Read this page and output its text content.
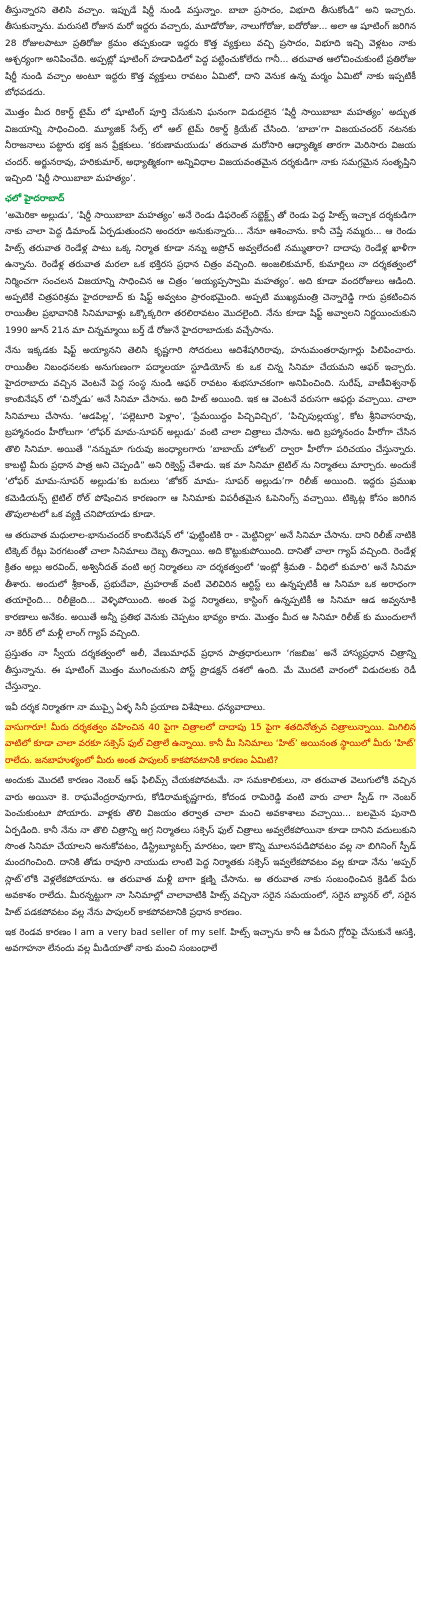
తీస్తున్నారని తెలిసి వచ్చాం. ఇప్పుడే షిర్డీ నుండి వస్తున్నాం. బాబా ప్రసాదం, విభూది తీసుకోండి” అని ఇచ్చారు. తీసుకున్నాను. మరుసటి రోజున మరో ఇద్దరు వచ్చారు, మూడోరోజు, నాలుగోరోజు, ఐదోరోజు... అలా ఆ షూటింగ్ జరిగిన 28 రోజులపాటూ ప్రతిరోజు క్రమం తప్పకుండా ఇద్దరు కొత్త వ్యక్తులు వచ్చి ప్రసాదం, విభూది ఇచ్చి వెళ్లటం నాకు ఆశ్చర్యంగా అనిపించేది. అప్పట్లో షూటింగ్ హడావిడిలో పెద్ద పట్టించుకోలేదు గానీ... తరువాత ఆలోచించుకుంటే ప్రతిరోజు షిర్డీ నుండి వచ్చాం అంటూ ఇద్దరు కొత్త వ్యక్తులు రావటం ఏమిటో, దాని వెనుక ఉన్న మర్మం ఏమిటో నాకు ఇప్పటికీ బోధపడదు.

మొత్తం మీద రికార్డ్ టైమ్ లో షూటింగ్ పూర్తి చేసుకుని ఘనంగా విడుదలైన ‘షిర్డీ సాయిబాబా మహత్యం’ అద్భుత విజయాన్ని సాధించింది. మ్యూజిక్ సేల్స్ లో ఆల్ టైమ్ రికార్డ్ క్రియేట్ చేసింది. ‘బాబా’గా విజయచందర్ నటనకు నీరాజనాలు పట్టారు భక్త జన ప్రేక్షకులు. ‘కరుణామయుడు’ తరువాత మరోసారి ఆధ్యాత్మిక తారగా మెరిసారు విజయ చందర్. అర్జునరావు, హరికుమార్, అధ్యాత్మికంగా అన్నివిధాల విజయవంతమైన దర్శకుడిగా నాకు సమగ్రమైన సంతృప్తిని ఇచ్చింది ‘షిర్డీ సాయిబాబా మహత్యం’.

ఛలో హైదరాబాద్

‘అమెరికా అల్లుడు’, ‘షిర్డీ సాయిబాబా మహత్యం’ అనే రెండు డిఫరెంట్ సబ్జెక్ట్స్ తో రెండు పెద్ద హిట్స్ ఇచ్చాక దర్శకుడిగా నాకు చాలా పెద్ద డిమాండ్ ఏర్పడుతుందని అందరూ అనుకున్నారు... నేనూ ఆశించాను. కానీ చెప్తే నమ్మరు... ఆ రెండు హిట్స్ తరువాత రెండేళ్ల పాటు ఒక్క నిర్మాత కూడా నన్ను అప్రోచ్ అవ్వలేదంటే నమ్ముతారా? దాదాపు రెండేళ్ల ఖాళీగా ఉన్నాను. రెండేళ్ల తరువాత మరలా ఒక భక్తిరస ప్రధాన చిత్రం వచ్చింది. అంజలికుమార్, కుమార్లిలు నా దర్శకత్వంలో నిర్మించగా సంచలన విజయాన్ని సాధించిన ఆ చిత్రం ‘అయ్యప్పస్వామి మహత్యం’. అది కూడా వందరోజులు ఆడింది. అప్పటికే చిత్రపరిశ్రమ హైదరాబాద్ కు షిఫ్ట్ అవ్వటం ప్రారంభమైంది. అప్పటి ముఖ్యమంత్రి చెన్నారెడ్డి గారు ప్రకటించిన రాయితీల ప్రభావానికి సినిమావాళ్లు ఒక్కొక్కరిగా తరలిరావటం మొదలైంది. నేను కూడా షిఫ్ట్ అవ్వాలని నిర్ణయించుకుని 1990 జూన్ 21న మా చిన్నమ్మాయి బర్త్ డే రోజునే హైదరాబాదుకు వచ్చేసాను.

నేను ఇక్కడకు షిఫ్ట్ అయ్యానని తెలిసి కృష్ణగారి సోదరులు ఆదిశేషగిరిరావు, హనుమంతరావుగార్లు పిలిపించారు. రాయితీల నిబంధనలకు అనుగుణంగా పద్మాలయా స్టూడియోస్ కు ఒక చిన్న సినిమా చేయమని ఆఫర్ ఇచ్చారు. హైదరాబాదు వచ్చిన వెంటనే పెద్ద సంస్థ నుండి ఆఫర్ రావటం శుభసూచకంగా అనిపించింది. సురేష్, వాణీవిశ్వనాథ్ కాంబినేషన్ లో ‘చిన్నోడు’ అనే సినిమా చేసాను. అది హిట్ అయింది. ఇక ఆ వెంటనే వరుసగా ఆఫర్లు వచ్చాయి. చాలా సినిమాలు చేసాను. ‘ఆడపిల్ల’, ‘పల్లెటూరి పెళ్లాం’, ‘ప్రేమయిద్దం పిచ్చివిచ్చిర’, ‘పిచ్చిపుల్లయ్య’, కోట శ్రీనివాసరావు, బ్రహ్మానందం హీరోలుగా ‘లోఫర్ మామ-సూపర్ అల్లుడు’ వంటి చాలా చిత్రాలు చేసాను. అది బ్రహ్మానందం హీరోగా చేసిన తొలి సినిమా. అయితే “నన్నుమా గురువు జంధ్యాలగారు ‘బాబాయ్ హోటల్’ ద్వారా హీరోగా పరిచయం చేస్తున్నారు. కాబట్టి మీరు ప్రధాన పాత్ర అని చెప్పండి” అని రిక్వెస్ట్ చేశాడు. ఇక మా సినిమా టైటిల్ ను నిర్మాతలు మార్చారు. అందుకే ‘లోఫర్ మామ-సూపర్ అల్లుడు’కు బదులు ‘జోకర్ మామ- సూపర్ అల్లుడు’గా రిలీజ్ అయింది. ఇద్దరు ప్రముఖ కమెడియన్స్ టైటిల్ రోల్ పోషించిన కారణంగా ఆ సినిమాకు విపరీతమైన ఓపెనింగ్స్ వచ్చాయి. టిక్కెట్ల కోసం జరిగిన తొపులాటలో ఒక వ్యక్తి చనిపోయాడు కూడా.

ఆ తరువాత మధులాల-భానుచందర్ కాంబినేషన్ లో ‘ఫుట్టింటికి రా - మెట్టినిల్లా’ అనే సినిమా చేసాను. దాని రిలీజ్ నాటికి టిక్కెట్ రేట్లు పెరగటంతో చాలా సినిమాలు దెబ్బ తిన్నాయి. అది కొట్టుకుపోయింది. దానితో చాలా గ్యాప్ వచ్చింది. రెండేళ్ల క్రితం అల్లు అరవింద్, అశ్వినీదత్ వంటి అగ్ర నిర్మాతలు నా దర్శకత్వంలో ‘ఇంట్లో శ్రీమతి - వీధిలో కుమారి’ అనే సినిమా తీశారు. అందులో శ్రీకాంత్, ప్రభుదేవా, మ్రహరాజ్ వంటి వెలివిరిన ఆర్టిస్ట్ లు ఉన్నప్పటికీ ఆ సినిమా ఒక అరాధంగా తయారైంది... రిలీజైంది... వెళ్ళిపోయింది. అంత పెద్ద నిర్మాతలు, కాస్టింగ్ ఉన్నప్పటికీ ఆ సినిమా ఆడ అవ్వనూకి కారణాలు అనేకం. అయితే అన్నీ ప్రతిభ వెనుకు చెప్పటం భావ్యం కాదు. మొత్తం మీద ఆ సినిమా రిలీజ్ కు ముందులాగే నా కెరీర్ లో మళ్లీ లాంగ్ గ్యాప్ వచ్చింది.

ప్రస్తుతం నా స్వీయ దర్శకత్వంలో అలీ, వేణుమాధవ్ ప్రధాన పాత్రధారులుగా ‘గజబిజ’ అనే హాస్యప్రధాన చిత్రాన్ని తీస్తున్నాను. ఈ షూటింగ్ మొత్తం ముగించుకుని పోస్ట్ ప్రొడక్షన్ దశలో ఉంది. మే మొదటి వారంలో విడుదలకు రెడీ చేస్తున్నాం.

ఇవీ దర్శక నిర్మాతగా నా ముప్పై ఏళ్ళ సినీ ప్రయాణ విశేషాలు. ధన్యవాదాలు.

వాసుగారూ! మీరు దర్శకత్వం వహించిన 40 పైగా చిత్రాలలో దాదాపు 15 పైగా శతదినోత్సవ చిత్రాలున్నాయి. మిగిలిన వాటిలో కూడా చాలా వరకూ సక్సెస్ ఫుల్ చిత్రాలే ఉన్నాయి. కానీ మీ సినిమాలు ‘హిట్’ అయినంత స్థాయిలో మీరు ‘హిట్’ రాలేదు. జనబాహుళ్యంలో మీరు అంత పాపులర్ కాకపోవటానికి కారణం ఏమిటి?

అందుకు మొదటి కారణం నెంబర్ ఆఫ్ ఫిలిమ్స్ చేయకపోవటమే. నా సమకాలికులు, నా తరువాత వెలుగులోకి వచ్చిన వారు అయినా కె. రాఘవేంద్రరావుగారు, కోడిరామకృష్ణగారు, కోదండ రామిరెడ్డి వంటి వారు చాలా స్పీడ్ గా నెంబర్ పెంచుకుంటూ పోయారు. వాళ్లకు తొలి విజయం తర్వాత చాలా మంచి అవకాశాలు వచ్చాయి... బలమైన పునాది ఏర్పడింది. కానీ నేను నా తొలి చిత్రాన్ని అగ్ర నిర్మాతలు సక్సెస్ ఫుల్ చిత్రాలు అవ్వలేకపోయినా కూడా దానిని వదులుకుని సొంత సినిమా చేయాలని అనుకోవటం, డిస్ట్రిబ్యూటర్స్ మారటం, ఇలా కొన్ని మూలనపడిపోవటం వల్ల నా బిగినింగ్ స్పీడ్ మందగించింది. దానికి తోడు రావూరి నాయుడు లాంటి పెద్ద నిర్మాతకు సక్సెస్ ఇవ్వలేకపోవటం వల్ల కూడా నేను ‘అప్పర్ స్లాట్’లోకి వెళ్లలేకపోయాను. ఆ తరువాత మళ్లీ బాగా క్షణ్ని చేసాను. అ తరువాత నాకు సంబంధించిన క్రెడిట్ పేరు అవకాశం రాలేదు. మీరన్నట్టుగా నా సినిమాల్లో చాలావాటికి హిట్స్ వచ్చినా సరైన సమయంలో, సరైన బ్యానర్ లో, సరైన హిట్ పడకపోవటం వల్ల నేను పాపులర్ కాకపోవటానికి ప్రధాన కారణం.

ఇక రెండవ కారణం I am a very bad seller of my self. హిట్స్ ఇచ్చాను కానీ ఆ పేరుని గ్లోరిఫై చేసుకునే ఆసక్తి, అవగాహనా లేనందు వల్ల మీడియాతో నాకు మంచి సంబంధాలే
